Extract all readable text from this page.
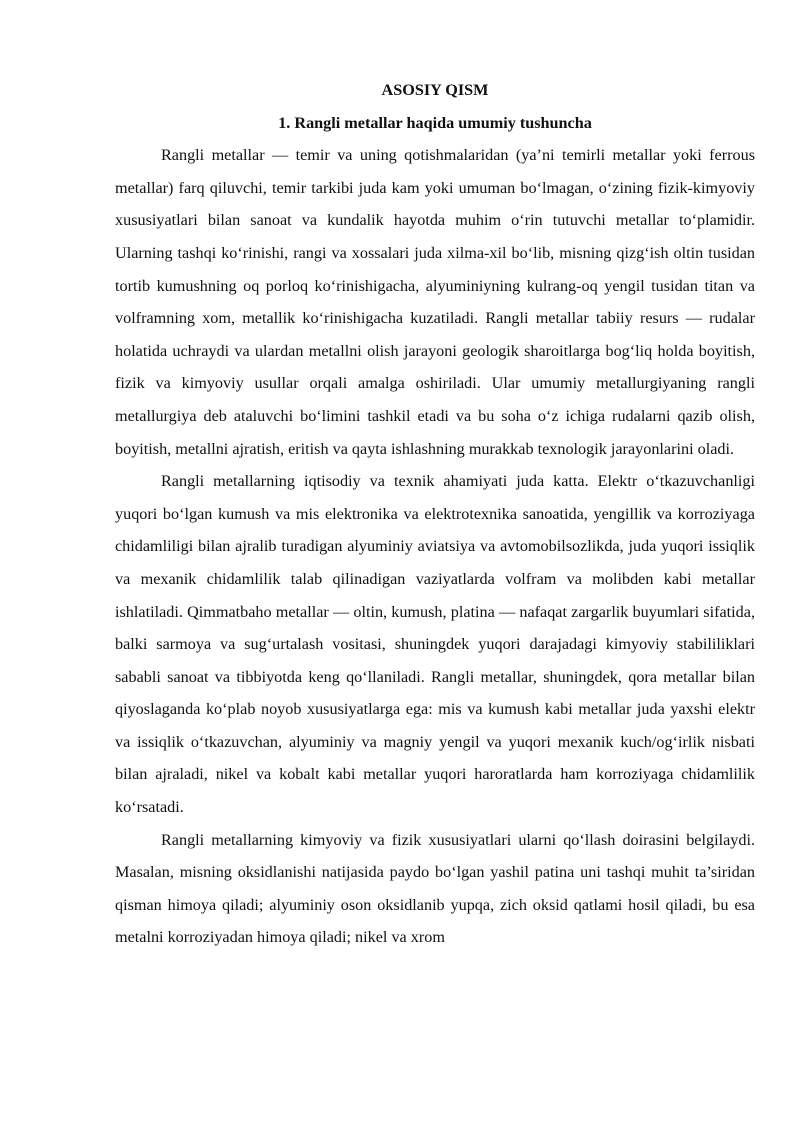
ASOSIY QISM

1. Rangli metallar haqida umumiy tushuncha

Rangli metallar — temir va uning qotishmalaridan (ya’ni temirli metallar yoki ferrous metallar) farq qiluvchi, temir tarkibi juda kam yoki umuman bo‘lmagan, o‘zining fizik-kimyoviy xususiyatlari bilan sanoat va kundalik hayotda muhim o‘rin tutuvchi metallar to‘plamidir. Ularning tashqi ko‘rinishi, rangi va xossalari juda xilma-xil bo‘lib, misning qizg‘ish oltin tusidan tortib kumushning oq porloq ko‘rinishigacha, alyuminiyning kulrang-oq yengil tusidan titan va volframning xom, metallik ko‘rinishigacha kuzatiladi. Rangli metallar tabiiy resurs — rudalar holatida uchraydi va ulardan metallni olish jarayoni geologik sharoitlarga bog‘liq holda boyitish, fizik va kimyoviy usullar orqali amalga oshiriladi. Ular umumiy metallurgiyaning rangli metallurgiya deb ataluvchi bo‘limini tashkil etadi va bu soha o‘z ichiga rudalarni qazib olish, boyitish, metallni ajratish, eritish va qayta ishlashning murakkab texnologik jarayonlarini oladi.

Rangli metallarning iqtisodiy va texnik ahamiyati juda katta. Elektr o‘tkazuvchanligi yuqori bo‘lgan kumush va mis elektronika va elektrotexnika sanoatida, yengillik va korroziyaga chidamliligi bilan ajralib turadigan alyuminiy aviatsiya va avtomobilsozlikda, juda yuqori issiqlik va mexanik chidamlilik talab qilinadigan vaziyatlarda volfram va molibden kabi metallar ishlatiladi. Qimmatbaho metallar — oltin, kumush, platina — nafaqat zargarlik buyumlari sifatida, balki sarmoya va sug‘urtalash vositasi, shuningdek yuqori darajadagi kimyoviy stabililiklari sababli sanoat va tibbiyotda keng qo‘llaniladi. Rangli metallar, shuningdek, qora metallar bilan qiyoslaganda ko‘plab noyob xususiyatlarga ega: mis va kumush kabi metallar juda yaxshi elektr va issiqlik o‘tkazuvchan, alyuminiy va magniy yengil va yuqori mexanik kuch/og‘irlik nisbati bilan ajraladi, nikel va kobalt kabi metallar yuqori haroratlarda ham korroziyaga chidamlilik ko‘rsatadi.

Rangli metallarning kimyoviy va fizik xususiyatlari ularni qo‘llash doirasini belgilaydi. Masalan, misning oksidlanishi natijasida paydo bo‘lgan yashil patina uni tashqi muhit ta’siridan qisman himoya qiladi; alyuminiy oson oksidlanib yupqa, zich oksid qatlami hosil qiladi, bu esa metalni korroziyadan himoya qiladi; nikel va xrom
